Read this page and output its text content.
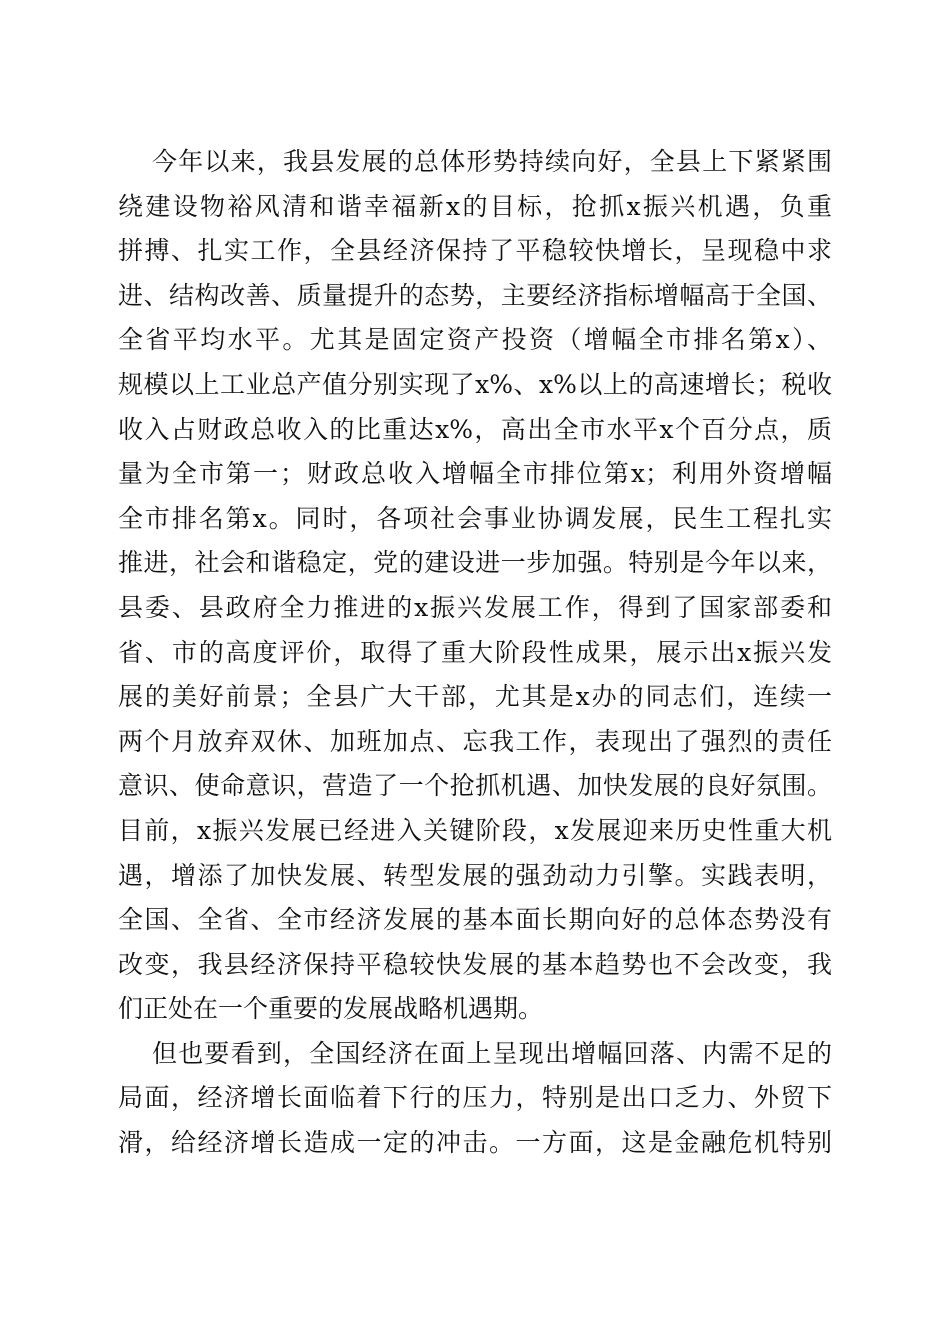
今年以来，我县发展的总体形势持续向好，全县上下紧紧围
绕建设物裕风清和谐幸福新x的目标，抢抓x振兴机遇，负重
拼搏、扎实工作，全县经济保持了平稳较快增长，呈现稳中求
进、结构改善、质量提升的态势，主要经济指标增幅高于全国、
全省平均水平。尤其是固定资产投资（增幅全市排名第x）、
规模以上工业总产值分别实现了x%、x%以上的高速增长；税收
收入占财政总收入的比重达x%，高出全市水平x个百分点，质
量为全市第一；财政总收入增幅全市排位第x；利用外资增幅
全市排名第x。同时，各项社会事业协调发展，民生工程扎实
推进，社会和谐稳定，党的建设进一步加强。特别是今年以来，
县委、县政府全力推进的x振兴发展工作，得到了国家部委和
省、市的高度评价，取得了重大阶段性成果，展示出x振兴发
展的美好前景；全县广大干部，尤其是x办的同志们，连续一
两个月放弃双休、加班加点、忘我工作，表现出了强烈的责任
意识、使命意识，营造了一个抢抓机遇、加快发展的良好氛围。
目前，x振兴发展已经进入关键阶段，x发展迎来历史性重大机
遇，增添了加快发展、转型发展的强劲动力引擎。实践表明，
全国、全省、全市经济发展的基本面长期向好的总体态势没有
改变，我县经济保持平稳较快发展的基本趋势也不会改变，我
们正处在一个重要的发展战略机遇期。
但也要看到，全国经济在面上呈现出增幅回落、内需不足的
局面，经济增长面临着下行的压力，特别是出口乏力、外贸下
滑，给经济增长造成一定的冲击。一方面，这是金融危机特别
